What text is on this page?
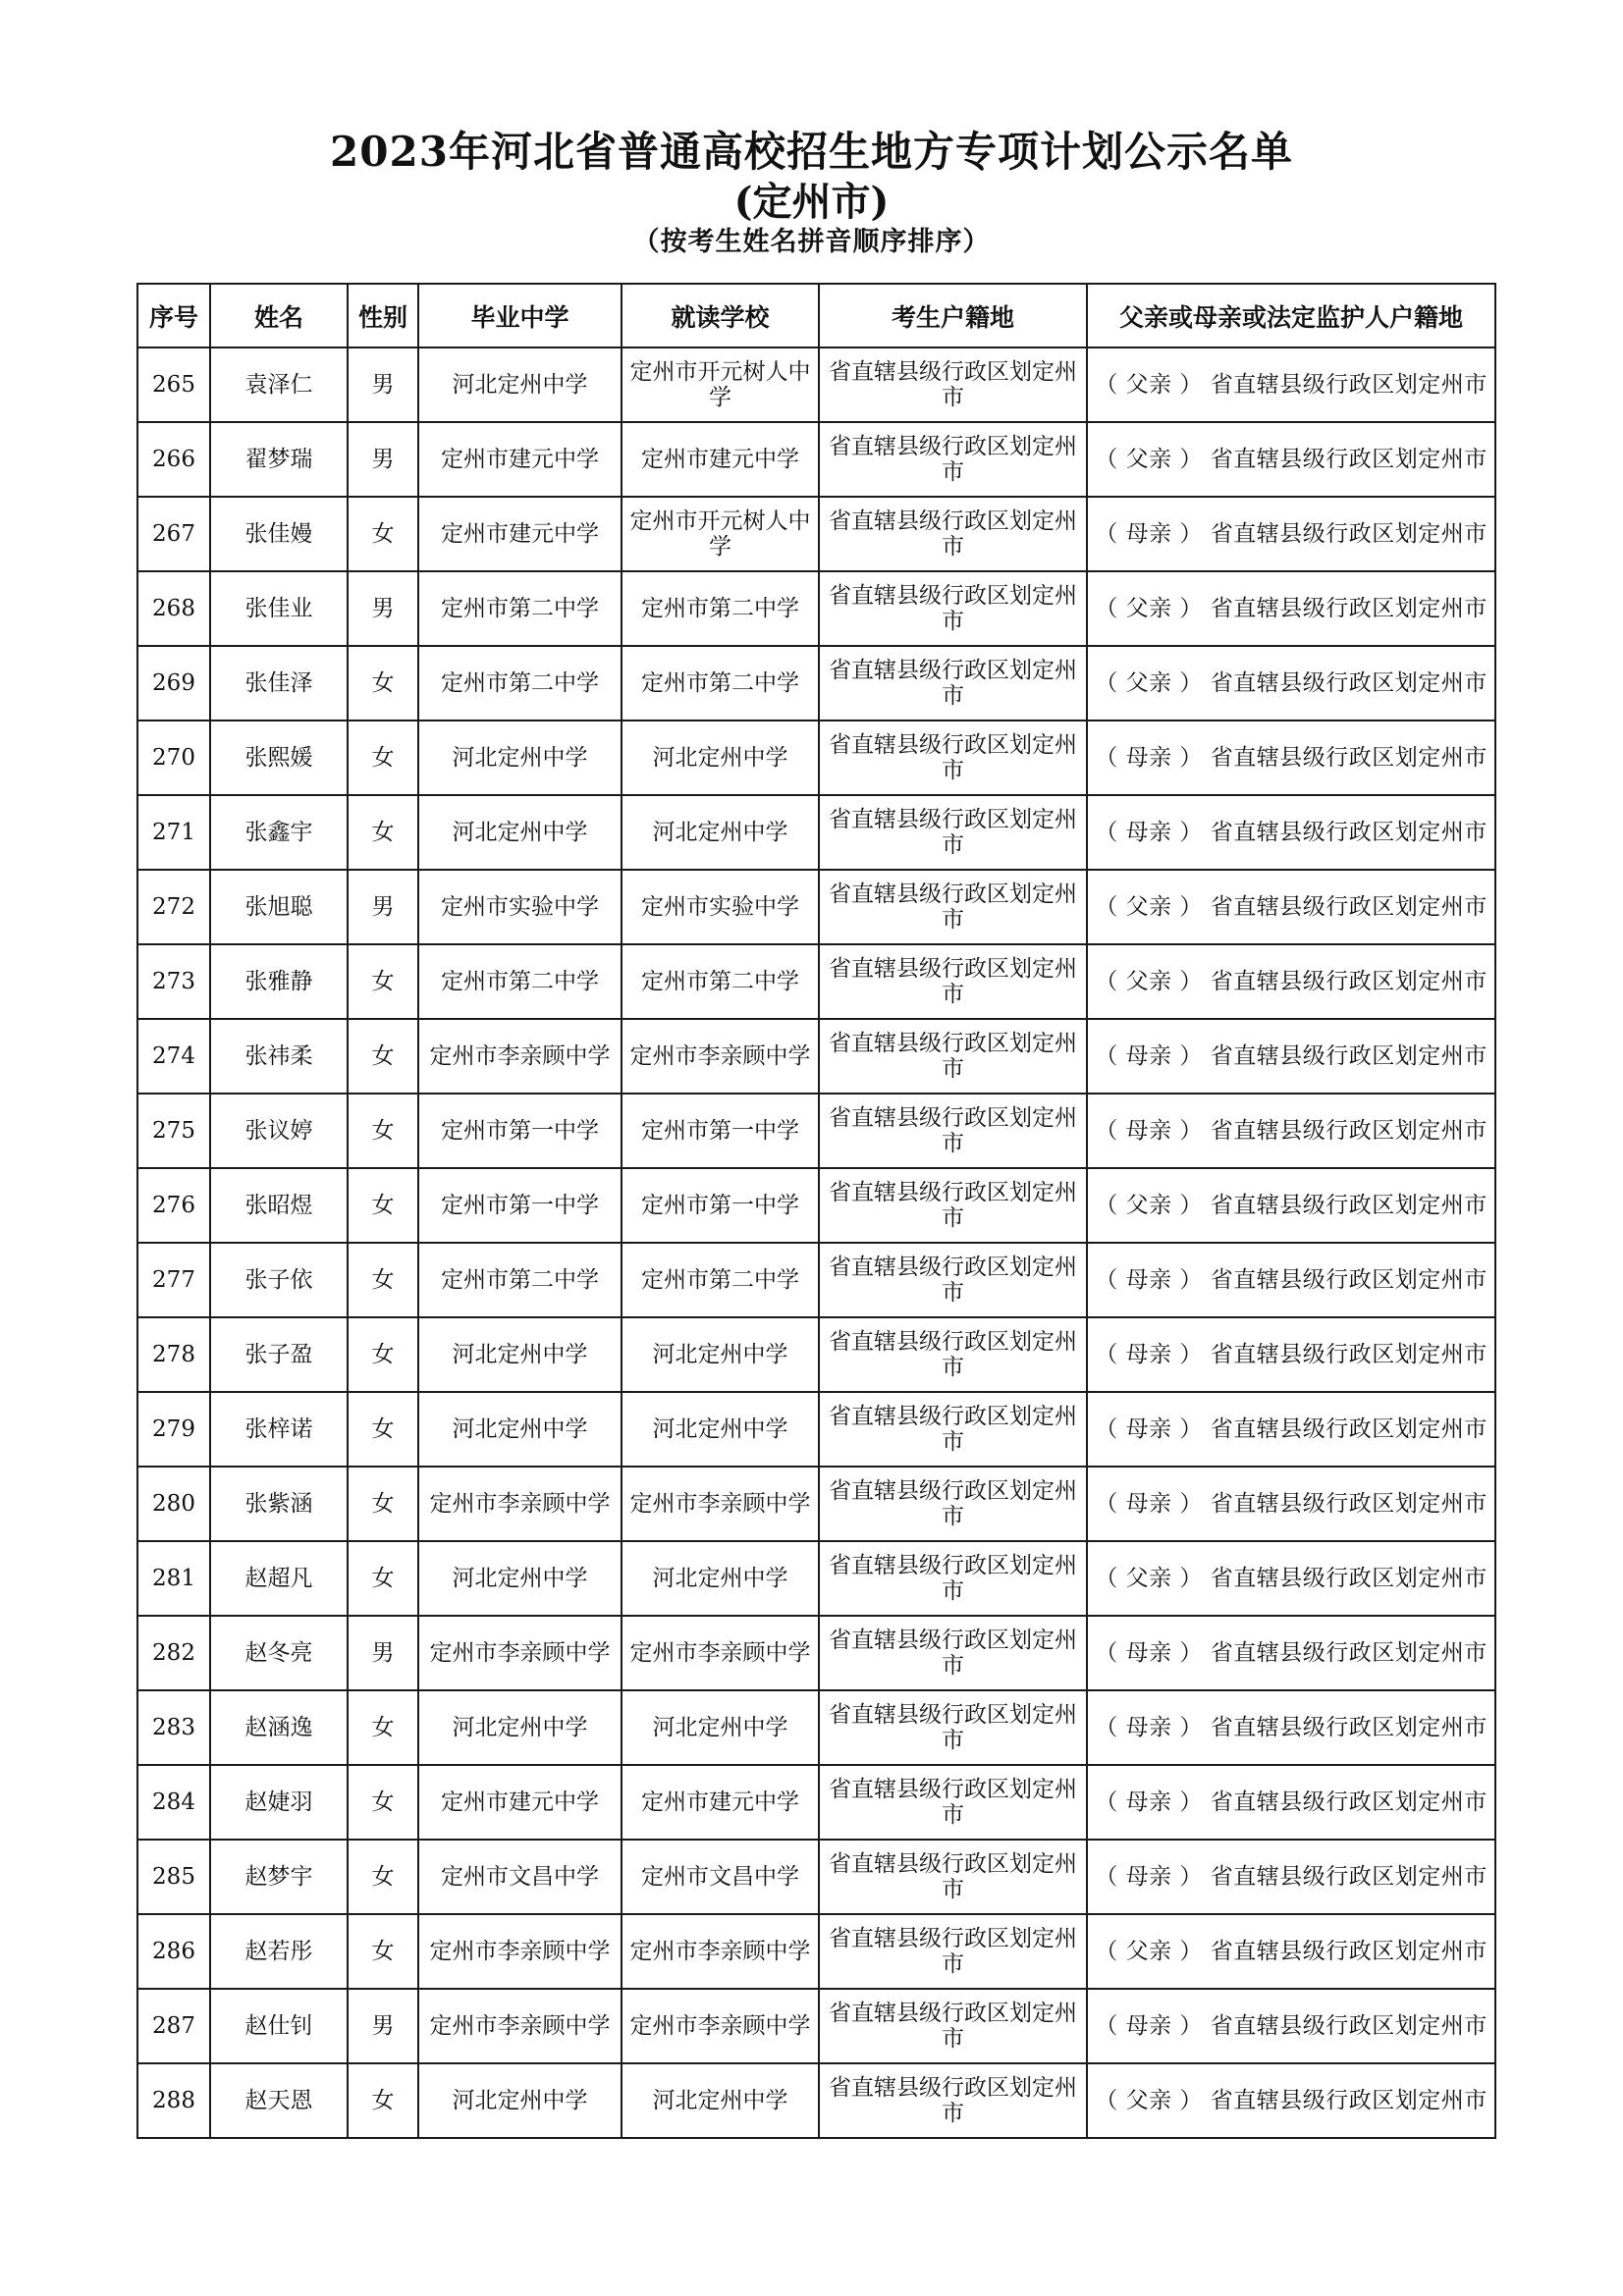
2023年河北省普通高校招生地方专项计划公示名单
(定州市)
（按考生姓名拼音顺序排序）
序号	姓名	性别	毕业中学	就读学校	考生户籍地	父亲或母亲或法定监护人户籍地
265	袁泽仁	男	河北定州中学	定州市开元树人中学	省直辖县级行政区划定州市	（ 父亲 ） 省直辖县级行政区划定州市
266	翟梦瑞	男	定州市建元中学	定州市建元中学	省直辖县级行政区划定州市	（ 父亲 ） 省直辖县级行政区划定州市
267	张佳嫚	女	定州市建元中学	定州市开元树人中学	省直辖县级行政区划定州市	（ 母亲 ） 省直辖县级行政区划定州市
268	张佳业	男	定州市第二中学	定州市第二中学	省直辖县级行政区划定州市	（ 父亲 ） 省直辖县级行政区划定州市
269	张佳泽	女	定州市第二中学	定州市第二中学	省直辖县级行政区划定州市	（ 父亲 ） 省直辖县级行政区划定州市
270	张熙媛	女	河北定州中学	河北定州中学	省直辖县级行政区划定州市	（ 母亲 ） 省直辖县级行政区划定州市
271	张鑫宇	女	河北定州中学	河北定州中学	省直辖县级行政区划定州市	（ 母亲 ） 省直辖县级行政区划定州市
272	张旭聪	男	定州市实验中学	定州市实验中学	省直辖县级行政区划定州市	（ 父亲 ） 省直辖县级行政区划定州市
273	张雅静	女	定州市第二中学	定州市第二中学	省直辖县级行政区划定州市	（ 父亲 ） 省直辖县级行政区划定州市
274	张祎柔	女	定州市李亲顾中学	定州市李亲顾中学	省直辖县级行政区划定州市	（ 母亲 ） 省直辖县级行政区划定州市
275	张议婷	女	定州市第一中学	定州市第一中学	省直辖县级行政区划定州市	（ 母亲 ） 省直辖县级行政区划定州市
276	张昭煜	女	定州市第一中学	定州市第一中学	省直辖县级行政区划定州市	（ 父亲 ） 省直辖县级行政区划定州市
277	张子依	女	定州市第二中学	定州市第二中学	省直辖县级行政区划定州市	（ 母亲 ） 省直辖县级行政区划定州市
278	张子盈	女	河北定州中学	河北定州中学	省直辖县级行政区划定州市	（ 母亲 ） 省直辖县级行政区划定州市
279	张梓诺	女	河北定州中学	河北定州中学	省直辖县级行政区划定州市	（ 母亲 ） 省直辖县级行政区划定州市
280	张紫涵	女	定州市李亲顾中学	定州市李亲顾中学	省直辖县级行政区划定州市	（ 母亲 ） 省直辖县级行政区划定州市
281	赵超凡	女	河北定州中学	河北定州中学	省直辖县级行政区划定州市	（ 父亲 ） 省直辖县级行政区划定州市
282	赵冬亮	男	定州市李亲顾中学	定州市李亲顾中学	省直辖县级行政区划定州市	（ 母亲 ） 省直辖县级行政区划定州市
283	赵涵逸	女	河北定州中学	河北定州中学	省直辖县级行政区划定州市	（ 母亲 ） 省直辖县级行政区划定州市
284	赵婕羽	女	定州市建元中学	定州市建元中学	省直辖县级行政区划定州市	（ 母亲 ） 省直辖县级行政区划定州市
285	赵梦宇	女	定州市文昌中学	定州市文昌中学	省直辖县级行政区划定州市	（ 母亲 ） 省直辖县级行政区划定州市
286	赵若彤	女	定州市李亲顾中学	定州市李亲顾中学	省直辖县级行政区划定州市	（ 父亲 ） 省直辖县级行政区划定州市
287	赵仕钊	男	定州市李亲顾中学	定州市李亲顾中学	省直辖县级行政区划定州市	（ 母亲 ） 省直辖县级行政区划定州市
288	赵天恩	女	河北定州中学	河北定州中学	省直辖县级行政区划定州市	（ 父亲 ） 省直辖县级行政区划定州市
